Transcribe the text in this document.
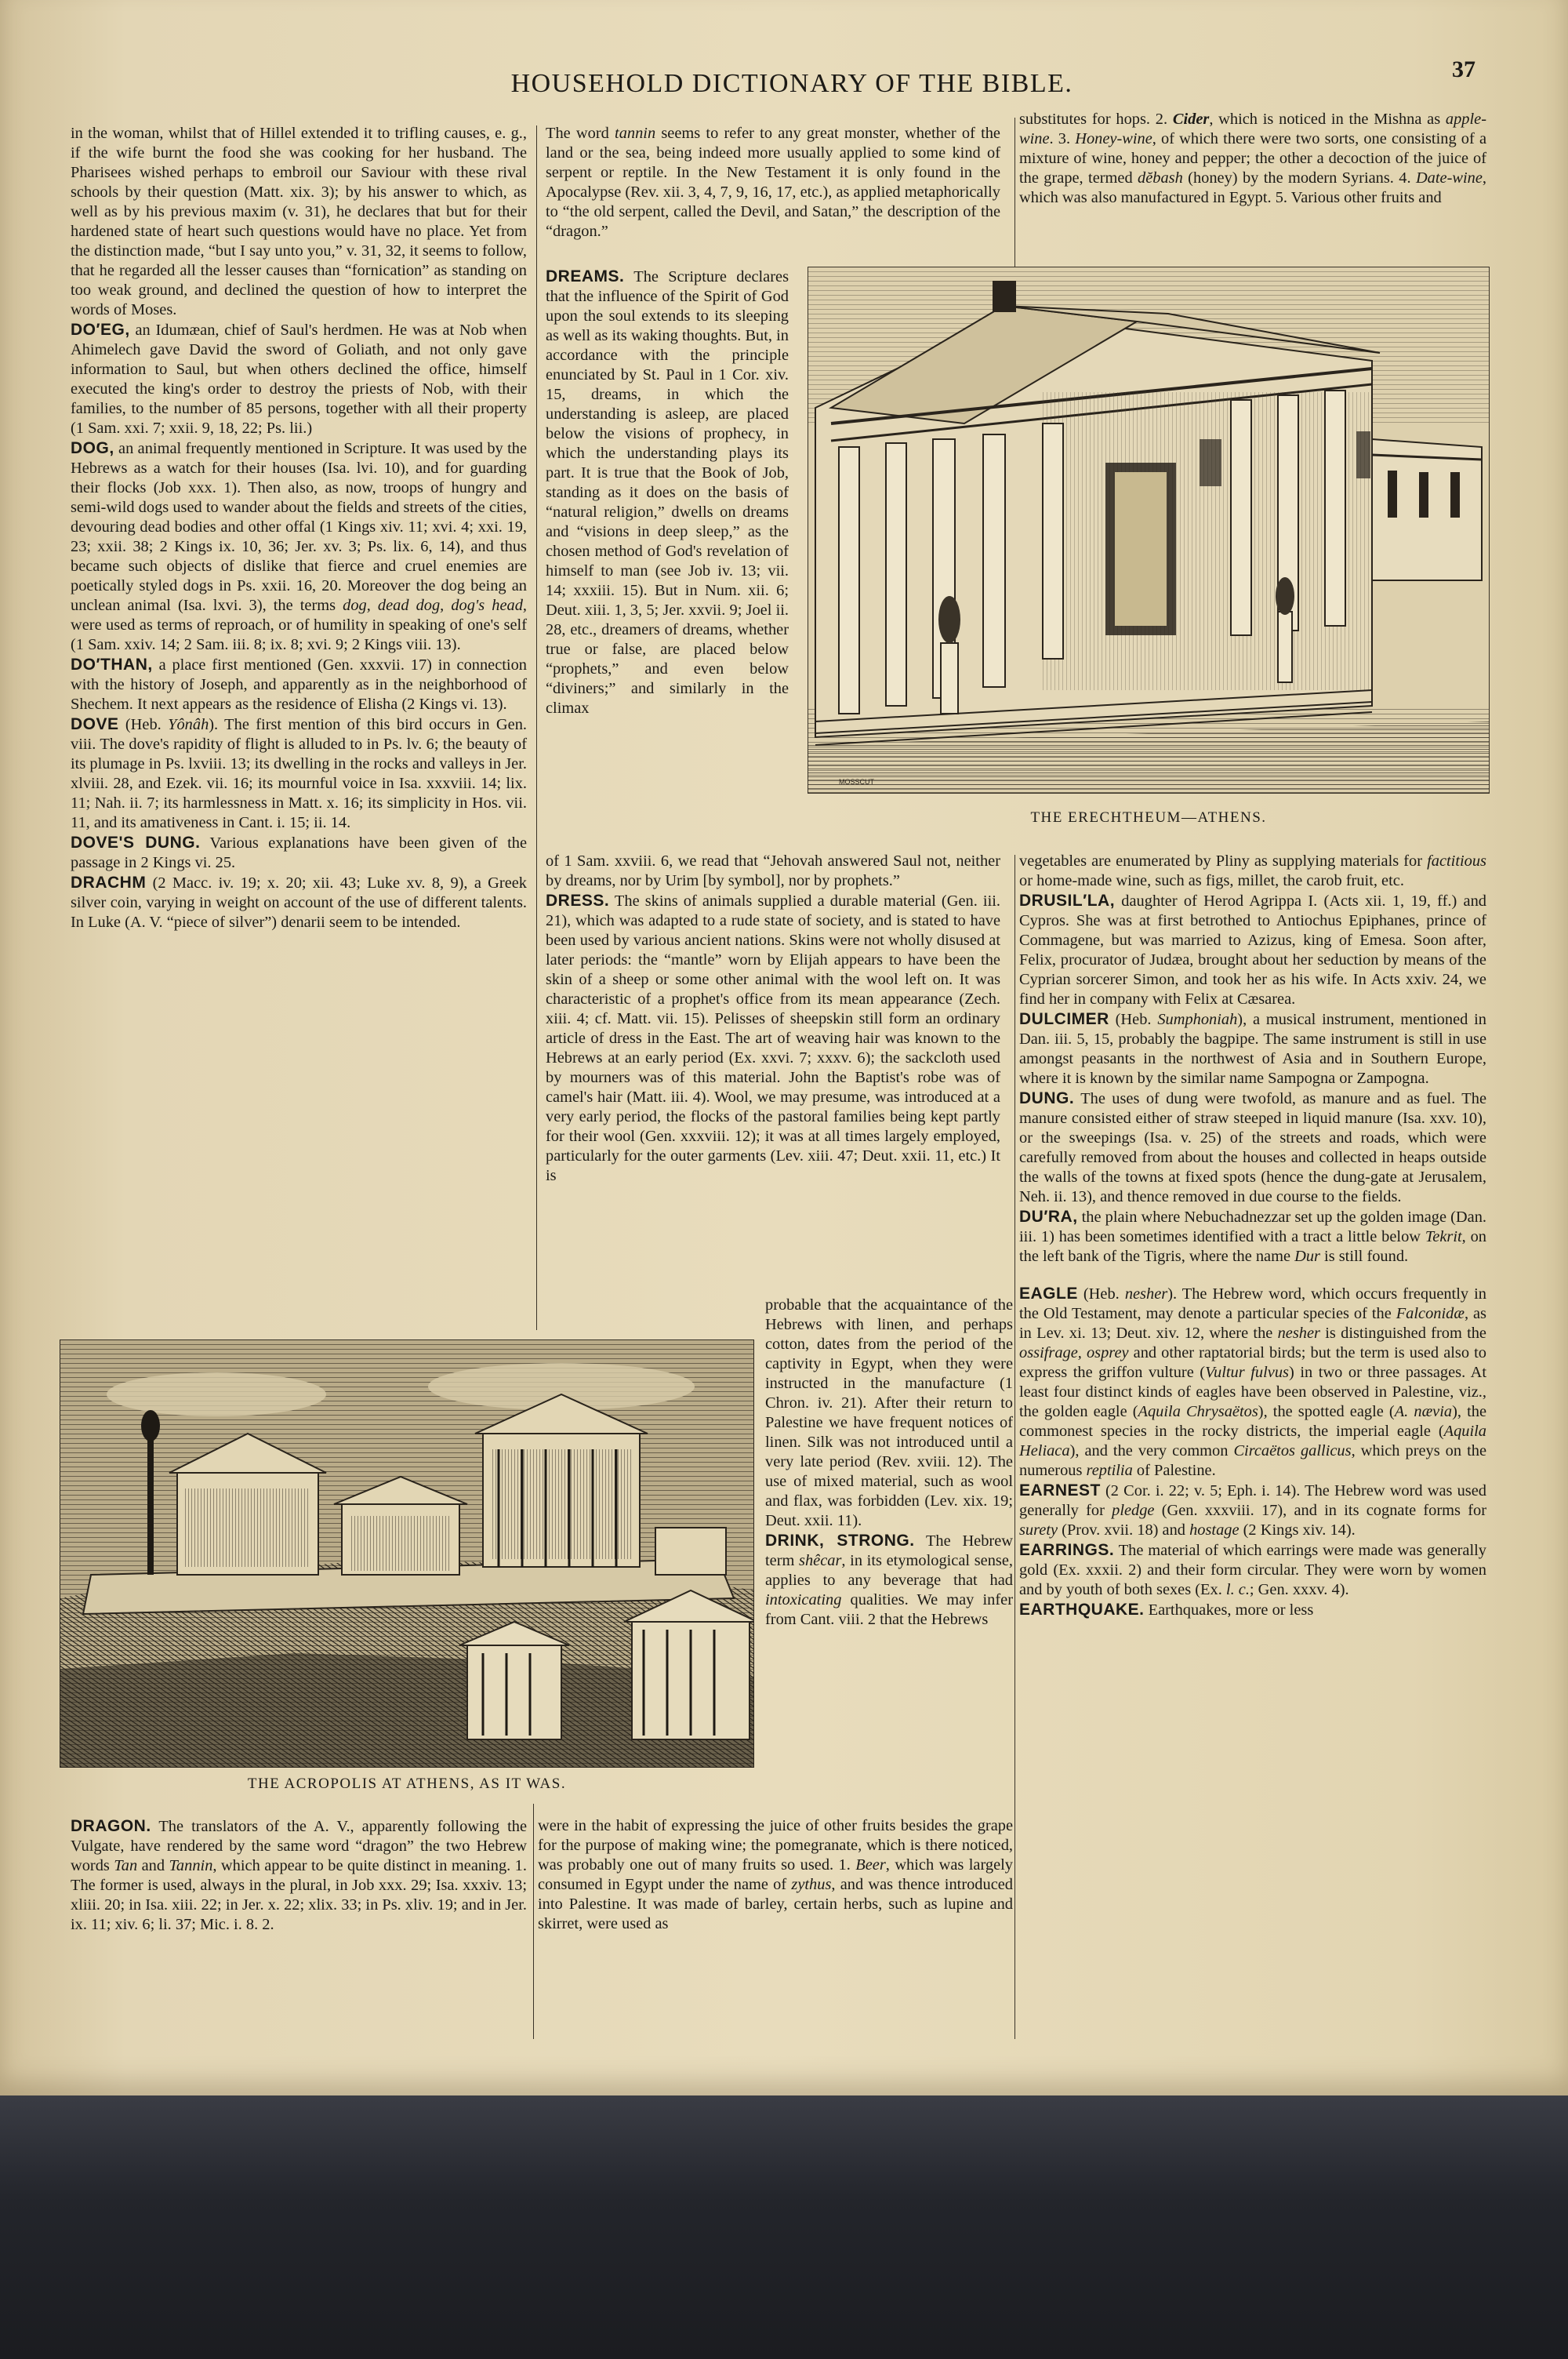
HOUSEHOLD DICTIONARY OF THE BIBLE.	37

in the woman, whilst that of Hillel extended it to trifling causes, e. g., if the wife burnt the food she was cooking for her husband. The Pharisees wished perhaps to embroil our Saviour with these rival schools by their question (Matt. xix. 3); by his answer to which, as well as by his previous maxim (v. 31), he declares that but for their hardened state of heart such questions would have no place. Yet from the distinction made, “but I say unto you,” v. 31, 32, it seems to follow, that he regarded all the lesser causes than “fornication” as standing on too weak ground, and declined the question of how to interpret the words of Moses.

DO′EG, an Idumæan, chief of Saul's herdmen. He was at Nob when Ahimelech gave David the sword of Goliath, and not only gave information to Saul, but when others declined the office, himself executed the king's order to destroy the priests of Nob, with their families, to the number of 85 persons, together with all their property (1 Sam. xxi. 7; xxii. 9, 18, 22; Ps. lii.)

DOG, an animal frequently mentioned in Scripture. It was used by the Hebrews as a watch for their houses (Isa. lvi. 10), and for guarding their flocks (Job xxx. 1). Then also, as now, troops of hungry and semi-wild dogs used to wander about the fields and streets of the cities, devouring dead bodies and other offal (1 Kings xiv. 11; xvi. 4; xxi. 19, 23; xxii. 38; 2 Kings ix. 10, 36; Jer. xv. 3; Ps. lix. 6, 14), and thus became such objects of dislike that fierce and cruel enemies are poetically styled dogs in Ps. xxii. 16, 20. Moreover the dog being an unclean animal (Isa. lxvi. 3), the terms dog, dead dog, dog's head, were used as terms of reproach, or of humility in speaking of one's self (1 Sam. xxiv. 14; 2 Sam. iii. 8; ix. 8; xvi. 9; 2 Kings viii. 13).

DO′THAN, a place first mentioned (Gen. xxxvii. 17) in connection with the history of Joseph, and apparently as in the neighborhood of Shechem. It next appears as the residence of Elisha (2 Kings vi. 13).

DOVE (Heb. Yônâh). The first mention of this bird occurs in Gen. viii. The dove's rapidity of flight is alluded to in Ps. lv. 6; the beauty of its plumage in Ps. lxviii. 13; its dwelling in the rocks and valleys in Jer. xlviii. 28, and Ezek. vii. 16; its mournful voice in Isa. xxxviii. 14; lix. 11; Nah. ii. 7; its harmlessness in Matt. x. 16; its simplicity in Hos. vii. 11, and its amativeness in Cant. i. 15; ii. 14.

DOVE'S DUNG. Various explanations have been given of the passage in 2 Kings vi. 25.

DRACHM (2 Macc. iv. 19; x. 20; xii. 43; Luke xv. 8, 9), a Greek silver coin, varying in weight on account of the use of different talents. In Luke (A. V. “piece of silver”) denarii seem to be intended.

The word tannin seems to refer to any great monster, whether of the land or the sea, being indeed more usually applied to some kind of serpent or reptile. In the New Testament it is only found in the Apocalypse (Rev. xii. 3, 4, 7, 9, 16, 17, etc.), as applied metaphorically to “the old serpent, called the Devil, and Satan,” the description of the “dragon.”

DREAMS. The Scripture declares that the influence of the Spirit of God upon the soul extends to its sleeping as well as its waking thoughts. But, in accordance with the principle enunciated by St. Paul in 1 Cor. xiv. 15, dreams, in which the understanding is asleep, are placed below the visions of prophecy, in which the understanding plays its part. It is true that the Book of Job, standing as it does on the basis of “natural religion,” dwells on dreams and “visions in deep sleep,” as the chosen method of God's revelation of himself to man (see Job iv. 13; vii. 14; xxxiii. 15). But in Num. xii. 6; Deut. xiii. 1, 3, 5; Jer. xxvii. 9; Joel ii. 28, etc., dreamers of dreams, whether true or false, are placed below “prophets,” and even below “diviners;” and similarly in the climax

substitutes for hops. 2. Cider, which is noticed in the Mishna as apple-wine. 3. Honey-wine, of which there were two sorts, one consisting of a mixture of wine, honey and pepper; the other a decoction of the juice of the grape, termed dĕbash (honey) by the modern Syrians. 4. Date-wine, which was also manufactured in Egypt. 5. Various other fruits and

MOSSCUT
THE ERECHTHEUM—ATHENS.

of 1 Sam. xxviii. 6, we read that “Jehovah answered Saul not, neither by dreams, nor by Urim [by symbol], nor by prophets.”

DRESS. The skins of animals supplied a durable material (Gen. iii. 21), which was adapted to a rude state of society, and is stated to have been used by various ancient nations. Skins were not wholly disused at later periods: the “mantle” worn by Elijah appears to have been the skin of a sheep or some other animal with the wool left on. It was characteristic of a prophet's office from its mean appearance (Zech. xiii. 4; cf. Matt. vii. 15). Pelisses of sheepskin still form an ordinary article of dress in the East. The art of weaving hair was known to the Hebrews at an early period (Ex. xxvi. 7; xxxv. 6); the sackcloth used by mourners was of this material. John the Baptist's robe was of camel's hair (Matt. iii. 4). Wool, we may presume, was introduced at a very early period, the flocks of the pastoral families being kept partly for their wool (Gen. xxxviii. 12); it was at all times largely employed, particularly for the outer garments (Lev. xiii. 47; Deut. xxii. 11, etc.) It is

vegetables are enumerated by Pliny as supplying materials for factitious or home-made wine, such as figs, millet, the carob fruit, etc.

DRUSIL′LA, daughter of Herod Agrippa I. (Acts xii. 1, 19, ff.) and Cypros. She was at first betrothed to Antiochus Epiphanes, prince of Commagene, but was married to Azizus, king of Emesa. Soon after, Felix, procurator of Judæa, brought about her seduction by means of the Cyprian sorcerer Simon, and took her as his wife. In Acts xxiv. 24, we find her in company with Felix at Cæsarea.

DULCIMER (Heb. Sumphoniah), a musical instrument, mentioned in Dan. iii. 5, 15, probably the bagpipe. The same instrument is still in use amongst peasants in the northwest of Asia and in Southern Europe, where it is known by the similar name Sampogna or Zampogna.

DUNG. The uses of dung were twofold, as manure and as fuel. The manure consisted either of straw steeped in liquid manure (Isa. xxv. 10), or the sweepings (Isa. v. 25) of the streets and roads, which were carefully removed from about the houses and collected in heaps outside the walls of the towns at fixed spots (hence the dung-gate at Jerusalem, Neh. ii. 13), and thence removed in due course to the fields.

DU′RA, the plain where Nebuchadnezzar set up the golden image (Dan. iii. 1) has been sometimes identified with a tract a little below Tekrit, on the left bank of the Tigris, where the name Dur is still found.

EAGLE (Heb. nesher). The Hebrew word, which occurs frequently in the Old Testament, may denote a particular species of the Falconidæ, as in Lev. xi. 13; Deut. xiv. 12, where the nesher is distinguished from the ossifrage, osprey and other raptatorial birds; but the term is used also to express the griffon vulture (Vultur fulvus) in two or three passages. At least four distinct kinds of eagles have been observed in Palestine, viz., the golden eagle (Aquila Chrysaëtos), the spotted eagle (A. nævia), the commonest species in the rocky districts, the imperial eagle (Aquila Heliaca), and the very common Circaëtos gallicus, which preys on the numerous reptilia of Palestine.

EARNEST (2 Cor. i. 22; v. 5; Eph. i. 14). The Hebrew word was used generally for pledge (Gen. xxxviii. 17), and in its cognate forms for surety (Prov. xvii. 18) and hostage (2 Kings xiv. 14).

EARRINGS. The material of which earrings were made was generally gold (Ex. xxxii. 2) and their form circular. They were worn by women and by youth of both sexes (Ex. l. c.; Gen. xxxv. 4).

EARTHQUAKE. Earthquakes, more or less

THE ACROPOLIS AT ATHENS, AS IT WAS.

probable that the acquaintance of the Hebrews with linen, and perhaps cotton, dates from the period of the captivity in Egypt, when they were instructed in the manufacture (1 Chron. iv. 21). After their return to Palestine we have frequent notices of linen. Silk was not introduced until a very late period (Rev. xviii. 12). The use of mixed material, such as wool and flax, was forbidden (Lev. xix. 19; Deut. xxii. 11).

DRINK, STRONG. The Hebrew term shêcar, in its etymological sense, applies to any beverage that had intoxicating qualities. We may infer from Cant. viii. 2 that the Hebrews

DRAGON. The translators of the A. V., apparently following the Vulgate, have rendered by the same word “dragon” the two Hebrew words Tan and Tannin, which appear to be quite distinct in meaning. 1. The former is used, always in the plural, in Job xxx. 29; Isa. xxxiv. 13; xliii. 20; in Isa. xiii. 22; in Jer. x. 22; xlix. 33; in Ps. xliv. 19; and in Jer. ix. 11; xiv. 6; li. 37; Mic. i. 8. 2.

were in the habit of expressing the juice of other fruits besides the grape for the purpose of making wine; the pomegranate, which is there noticed, was probably one out of many fruits so used. 1. Beer, which was largely consumed in Egypt under the name of zythus, and was thence introduced into Palestine. It was made of barley, certain herbs, such as lupine and skirret, were used as
